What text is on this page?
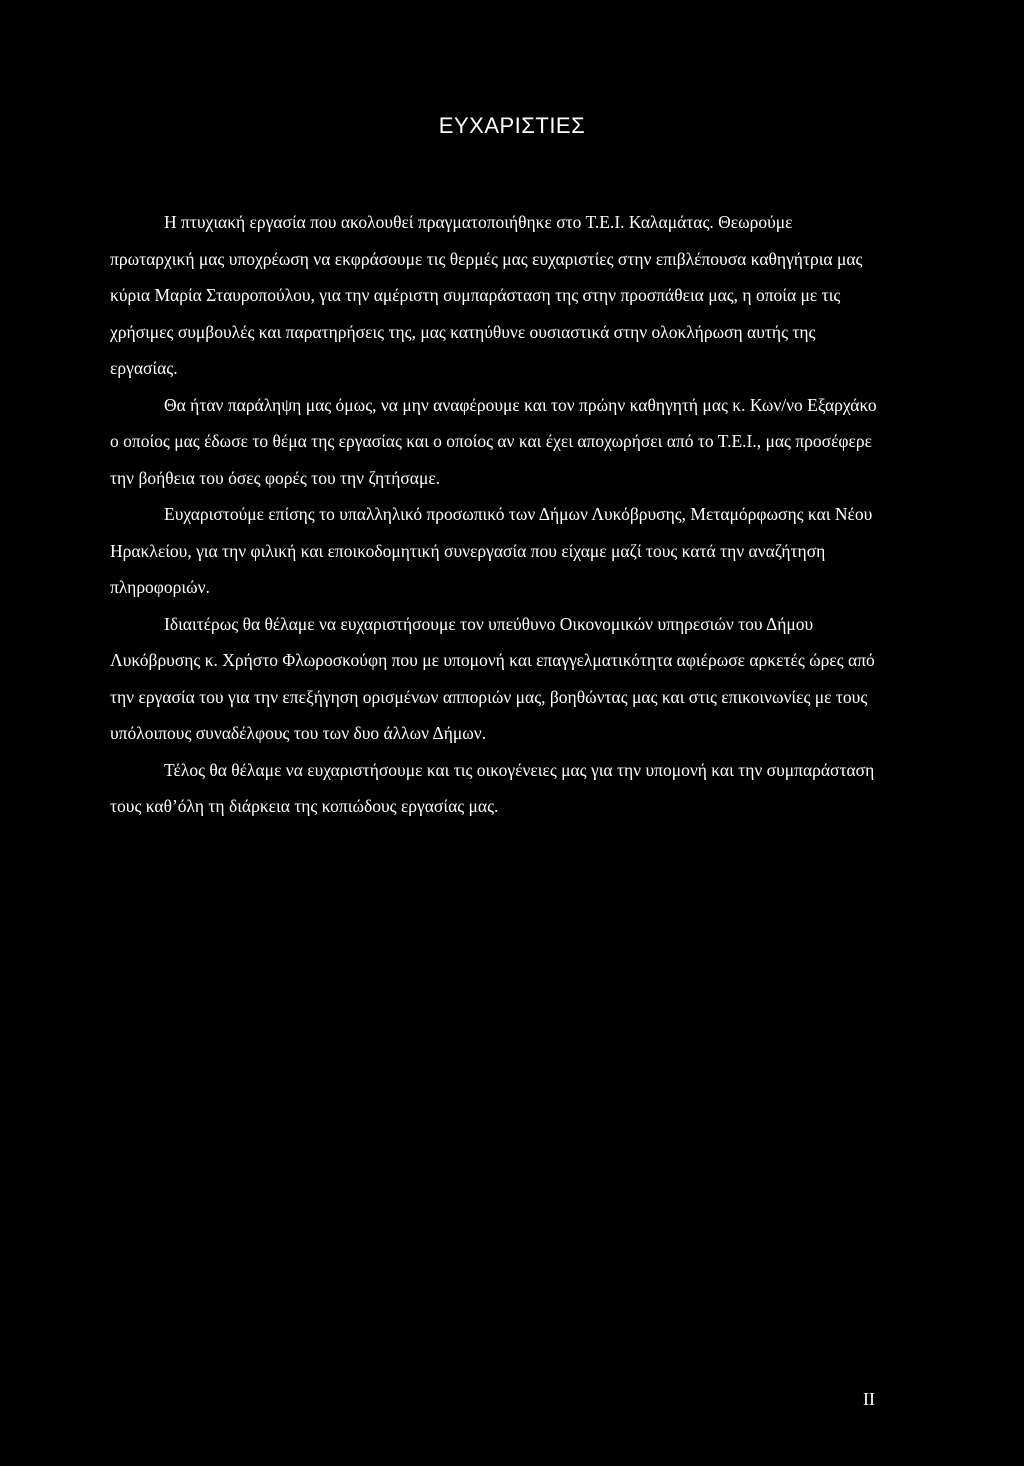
ΕΥΧΑΡΙΣΤΙΕΣ

Η πτυχιακή εργασία που ακολουθεί πραγματοποιήθηκε στο Τ.Ε.Ι. Καλαμάτας. Θεωρούμε πρωταρχική μας υποχρέωση να εκφράσουμε τις θερμές μας ευχαριστίες στην επιβλέπουσα καθηγήτρια μας κύρια Μαρία Σταυροπούλου, για την αμέριστη συμπαράσταση της στην προσπάθεια μας, η οποία με τις χρήσιμες συμβουλές και παρατηρήσεις της, μας κατηύθυνε ουσιαστικά στην ολοκλήρωση αυτής της εργασίας.

Θα ήταν παράληψη μας όμως, να μην αναφέρουμε και τον πρώην καθηγητή μας κ. Κων/νο Εξαρχάκο ο οποίος μας έδωσε το θέμα της εργασίας και ο οποίος αν και έχει αποχωρήσει από το Τ.Ε.Ι., μας προσέφερε την βοήθεια του όσες φορές του την ζητήσαμε.

Ευχαριστούμε επίσης το υπαλληλικό προσωπικό των Δήμων Λυκόβρυσης, Μεταμόρφωσης και Νέου Ηρακλείου, για την φιλική και εποικοδομητική συνεργασία που είχαμε μαζί τους κατά την αναζήτηση πληροφοριών.

Ιδιαιτέρως θα θέλαμε να ευχαριστήσουμε τον υπεύθυνο Οικονομικών υπηρεσιών του Δήμου Λυκόβρυσης κ. Χρήστο Φλωροσκούφη που με υπομονή και επαγγελματικότητα αφιέρωσε αρκετές ώρες από την εργασία του για την επεξήγηση ορισμένων απποριών μας, βοηθώντας μας και στις επικοινωνίες με τους υπόλοιπους συναδέλφους του των δυο άλλων Δήμων.

Τέλος θα θέλαμε να ευχαριστήσουμε και τις οικογένειες μας για την υπομονή και την συμπαράσταση τους καθ’όλη τη διάρκεια της κοπιώδους εργασίας μας.

II
